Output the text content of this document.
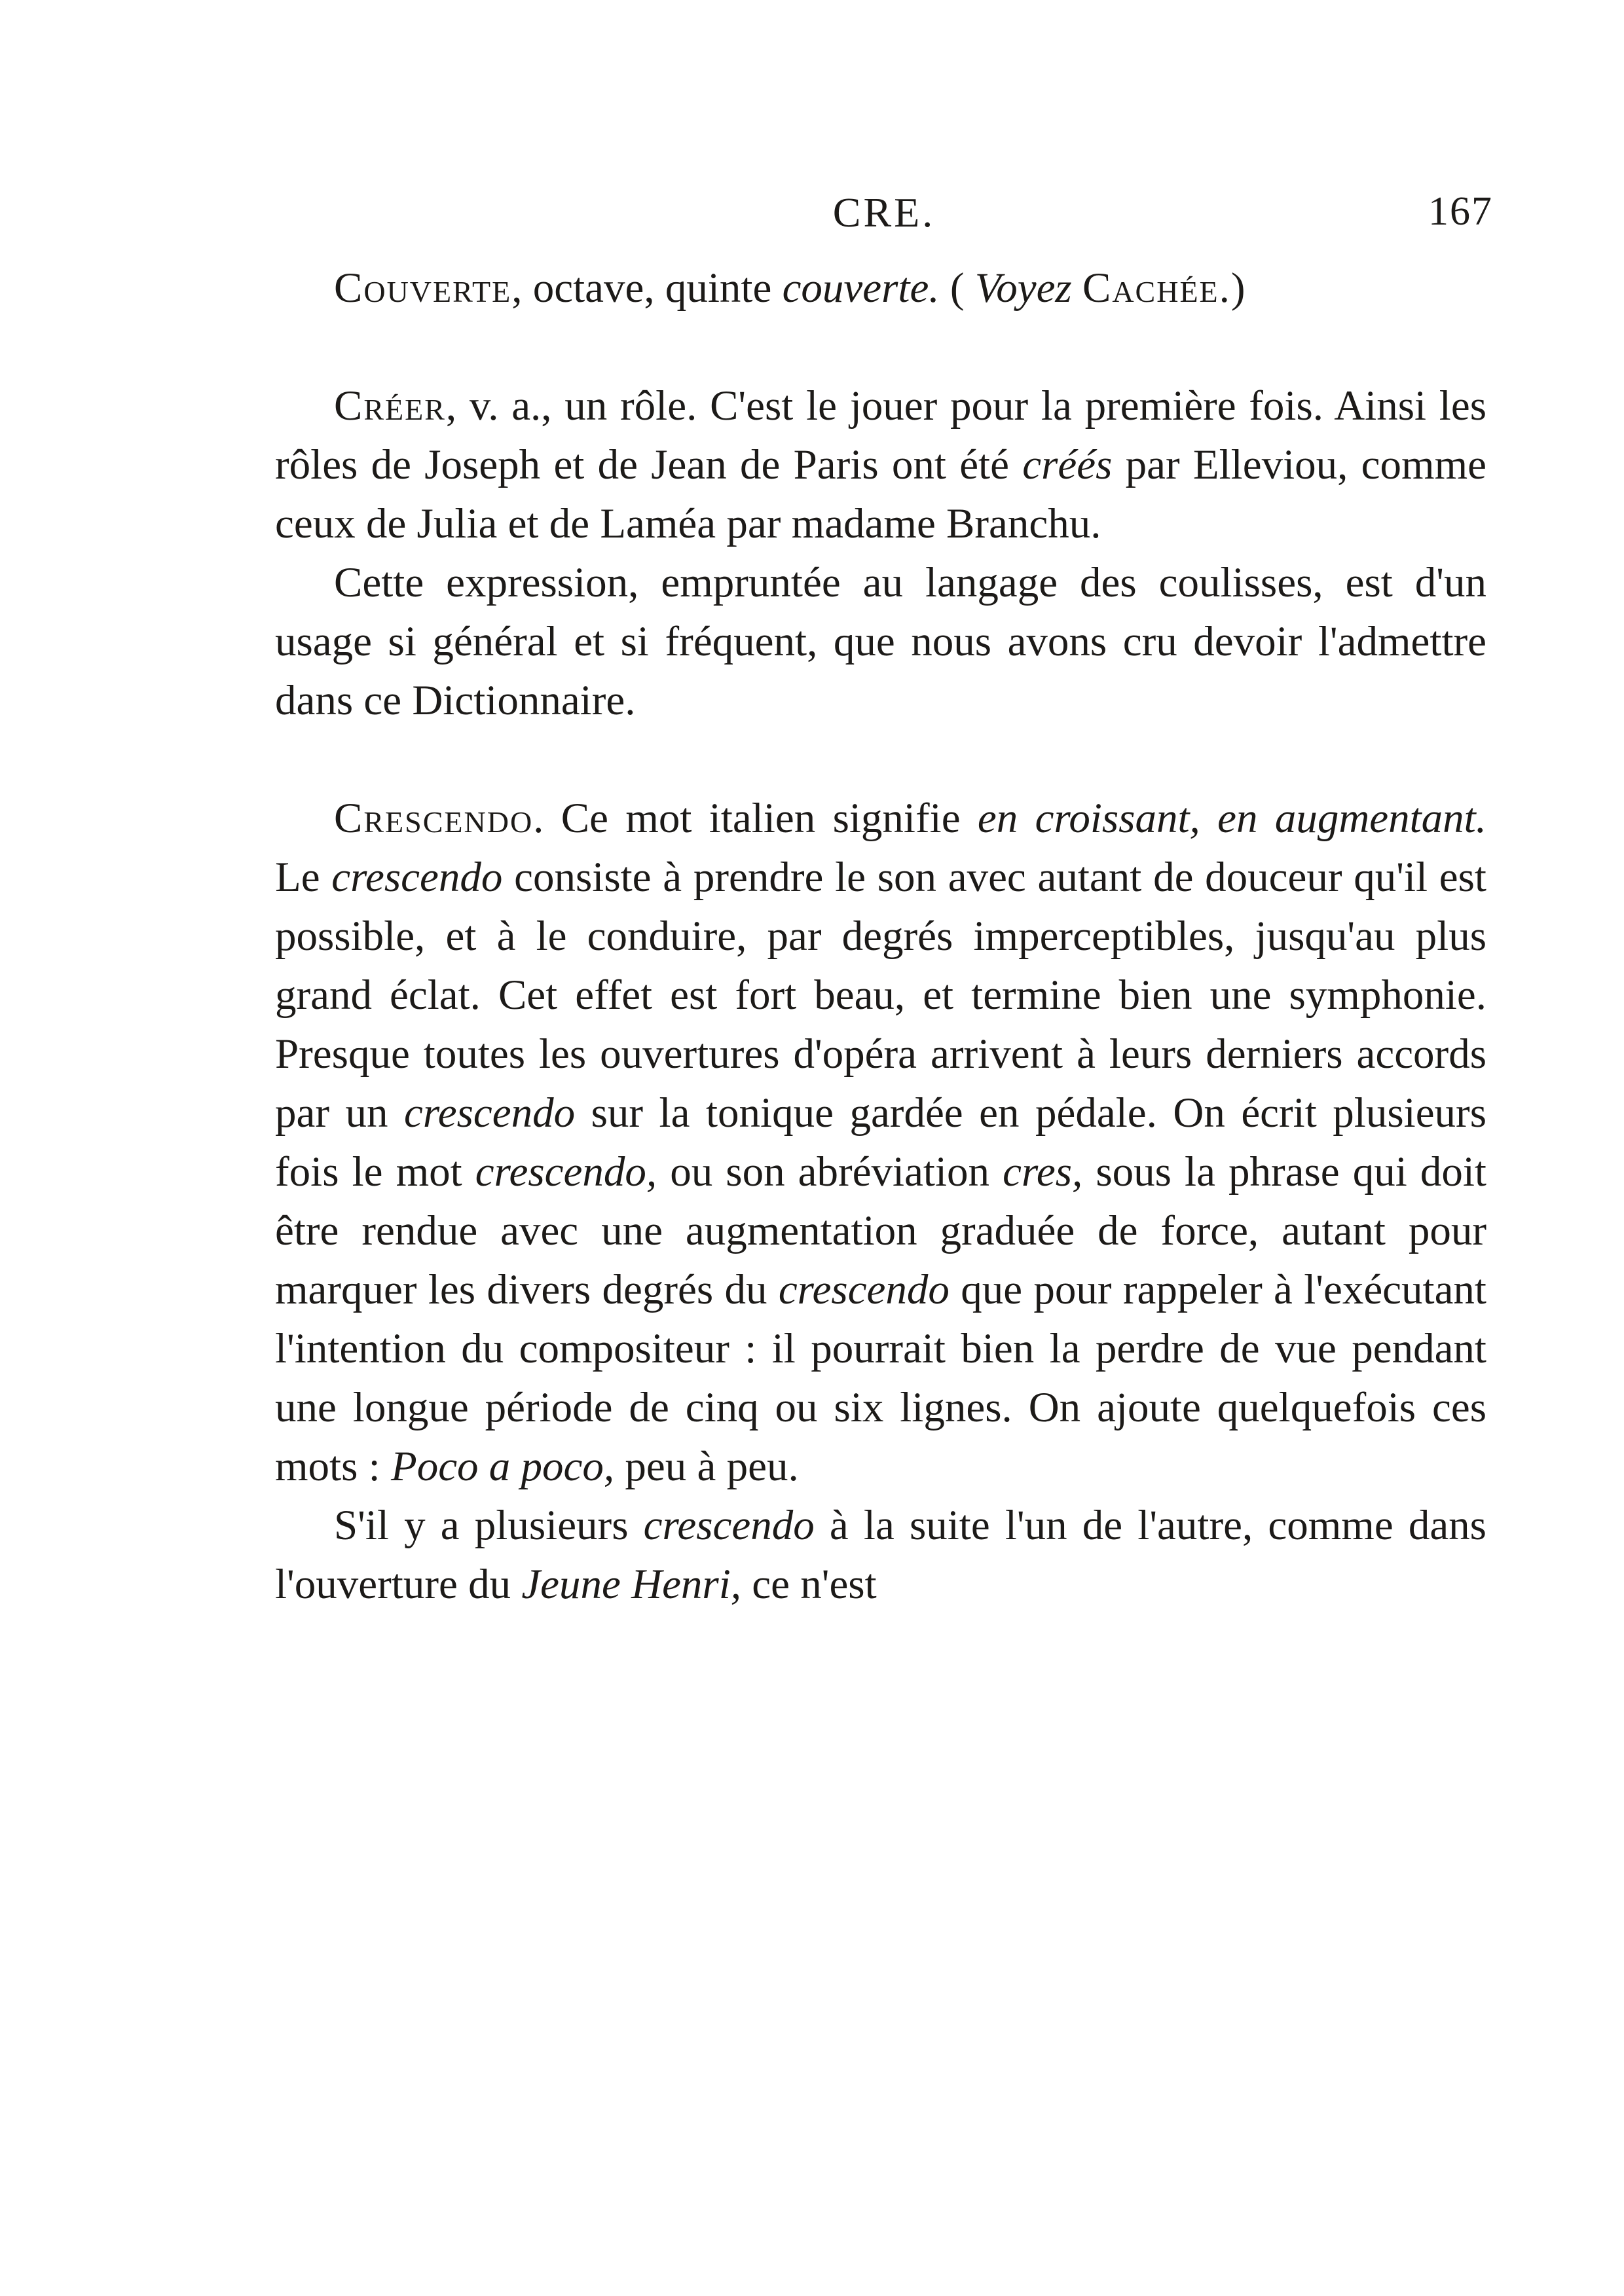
CRE.	167

Couverte, octave, quinte couverte. ( Voyez Cachée.)

Créer, v. a., un rôle. C'est le jouer pour la première fois. Ainsi les rôles de Joseph et de Jean de Paris ont été créés par Elleviou, comme ceux de Julia et de Laméa par madame Branchu.

Cette expression, empruntée au langage des coulisses, est d'un usage si général et si fréquent, que nous avons cru devoir l'admettre dans ce Dictionnaire.

Crescendo. Ce mot italien signifie en croissant, en augmentant. Le crescendo consiste à prendre le son avec autant de douceur qu'il est possible, et à le conduire, par degrés imperceptibles, jusqu'au plus grand éclat. Cet effet est fort beau, et termine bien une symphonie. Presque toutes les ouvertures d'opéra arrivent à leurs derniers accords par un crescendo sur la tonique gardée en pédale. On écrit plusieurs fois le mot crescendo, ou son abréviation cres, sous la phrase qui doit être rendue avec une augmentation graduée de force, autant pour marquer les divers degrés du crescendo que pour rappeler à l'exécutant l'intention du compositeur : il pourrait bien la perdre de vue pendant une longue période de cinq ou six lignes. On ajoute quelquefois ces mots : Poco a poco, peu à peu.

S'il y a plusieurs crescendo à la suite l'un de l'autre, comme dans l'ouverture du Jeune Henri, ce n'est
